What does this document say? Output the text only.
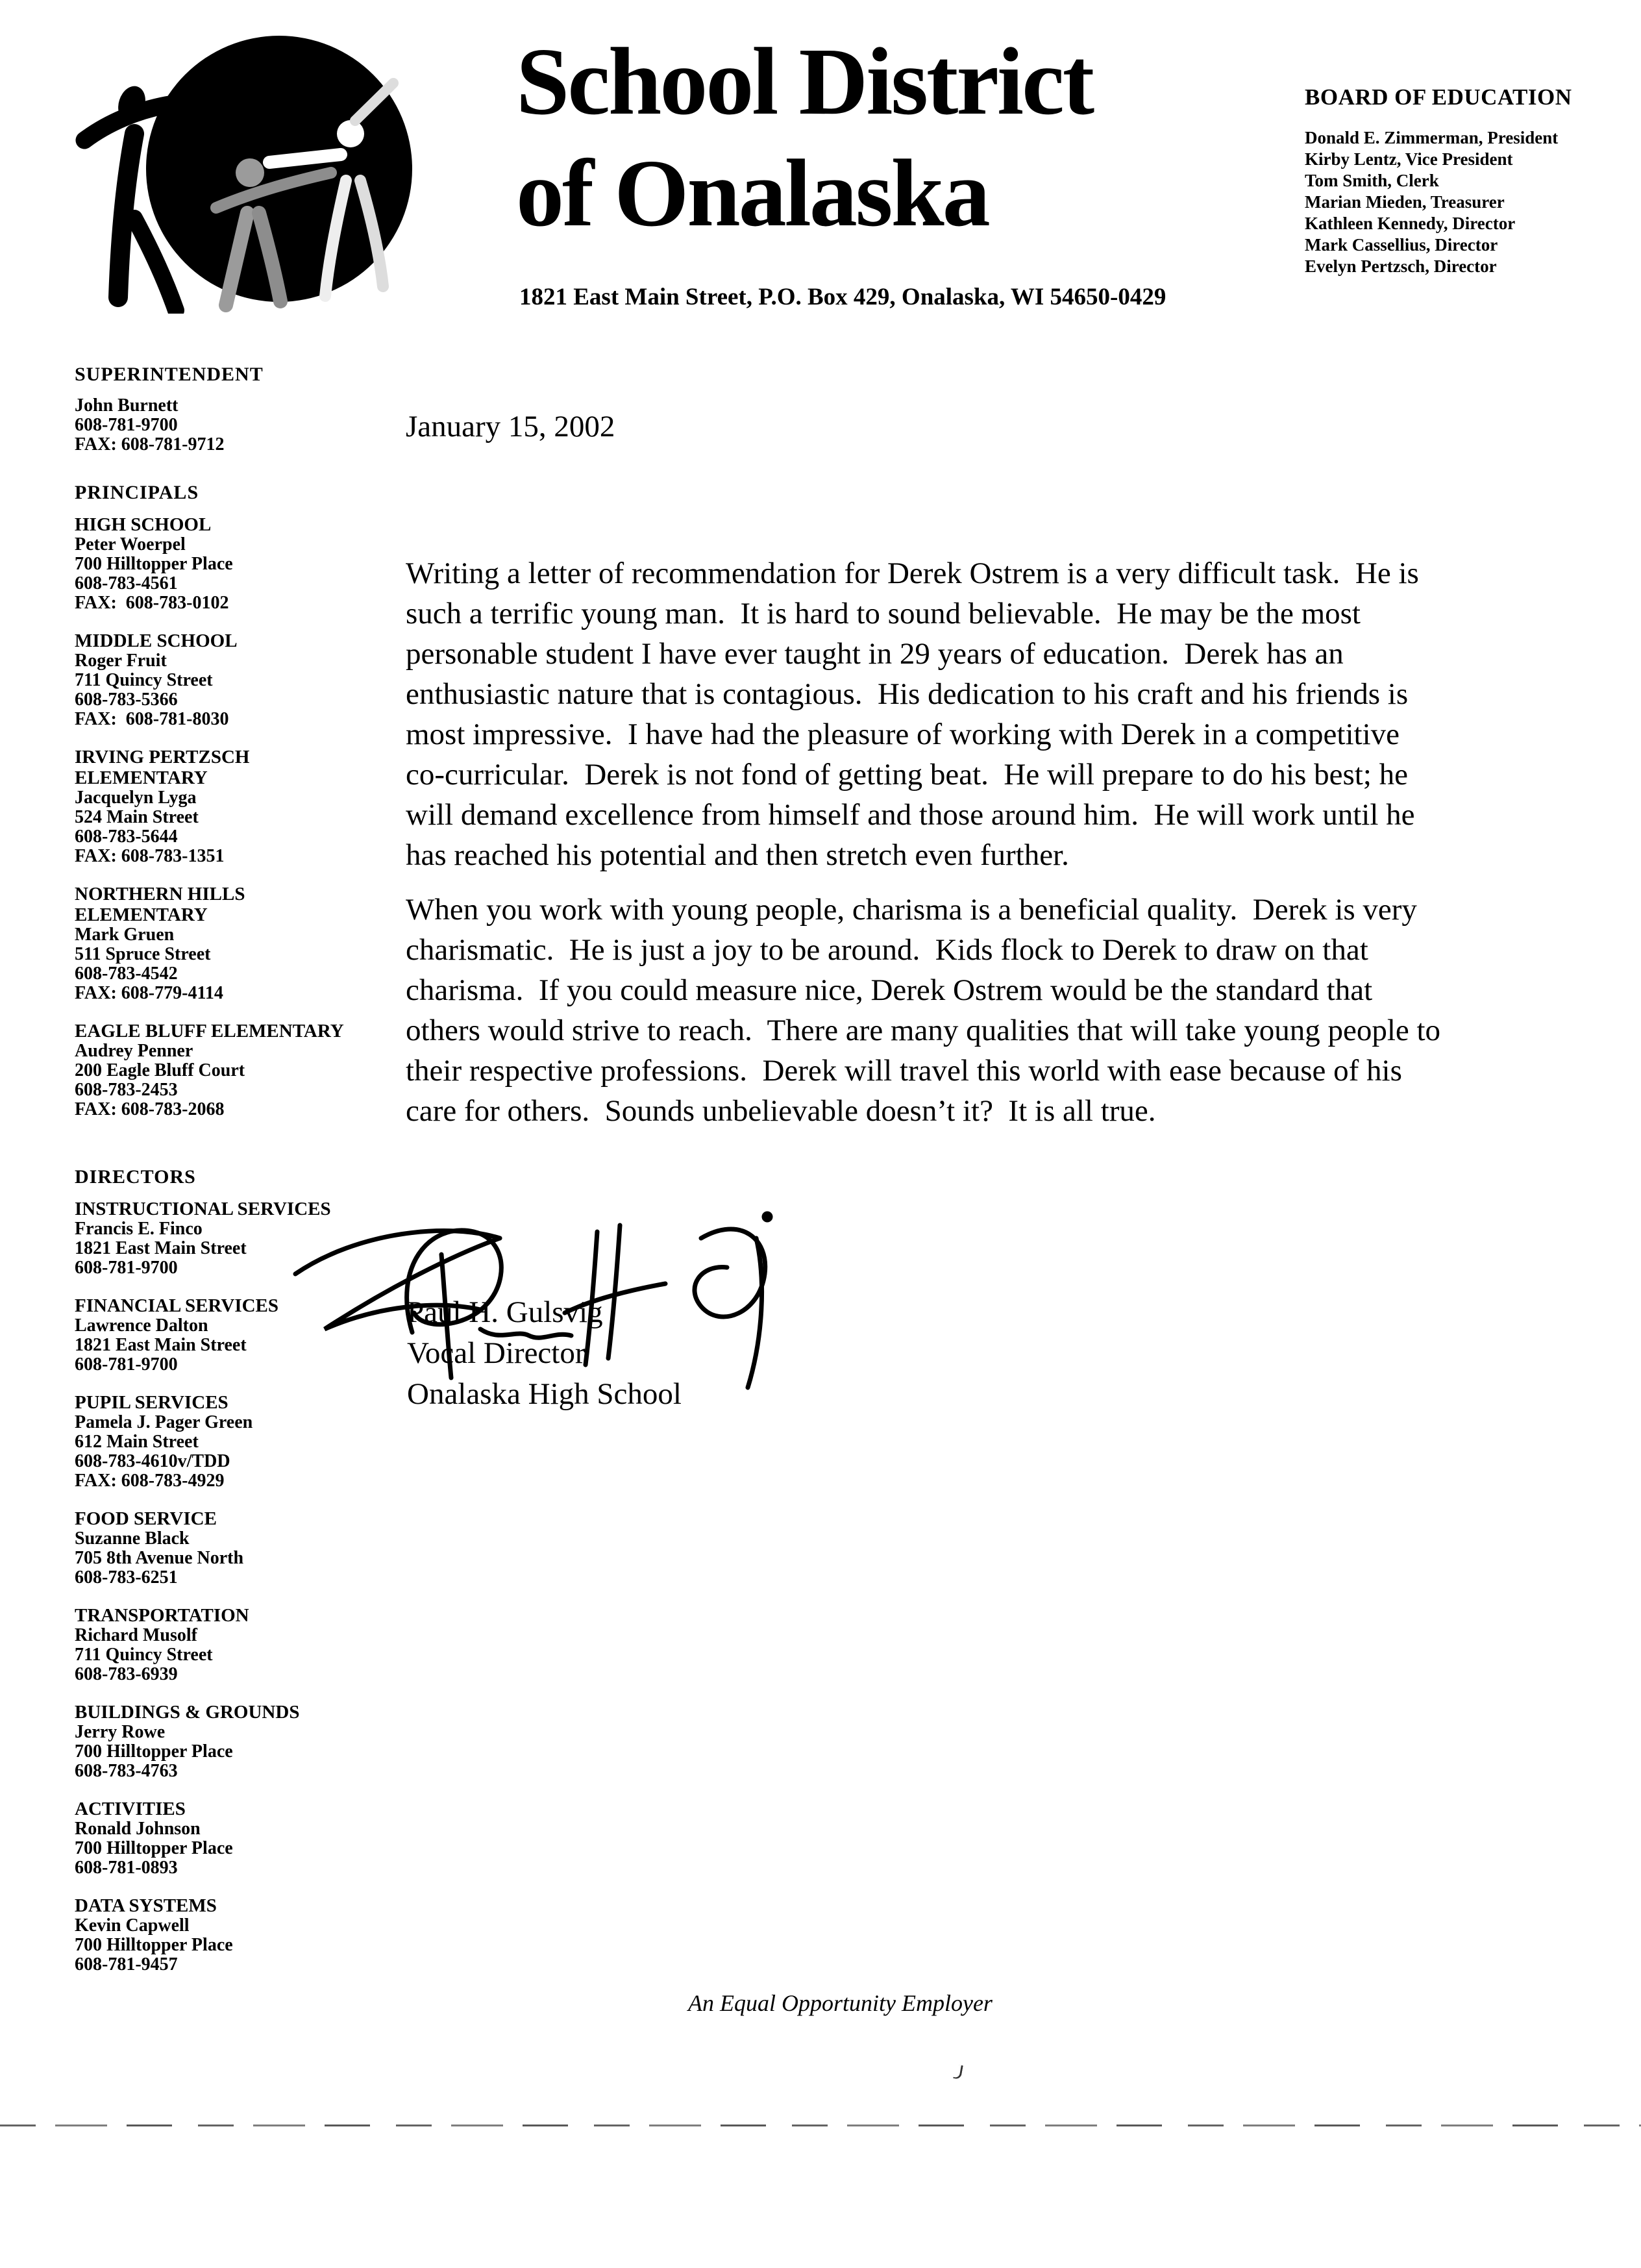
School District
of Onalaska
1821 East Main Street, P.O. Box 429, Onalaska, WI 54650-0429
BOARD OF EDUCATION
Donald E. Zimmerman, President
Kirby Lentz, Vice President
Tom Smith, Clerk
Marian Mieden, Treasurer
Kathleen Kennedy, Director
Mark Cassellius, Director
Evelyn Pertzsch, Director
SUPERINTENDENT
John Burnett
608-781-9700
FAX: 608-781-9712
PRINCIPALS
HIGH SCHOOL
Peter Woerpel
700 Hilltopper Place
608-783-4561
FAX:  608-783-0102
MIDDLE SCHOOL
Roger Fruit
711 Quincy Street
608-783-5366
FAX:  608-781-8030
IRVING PERTZSCH
ELEMENTARY
Jacquelyn Lyga
524 Main Street
608-783-5644
FAX: 608-783-1351
NORTHERN HILLS
ELEMENTARY
Mark Gruen
511 Spruce Street
608-783-4542
FAX: 608-779-4114
EAGLE BLUFF ELEMENTARY
Audrey Penner
200 Eagle Bluff Court
608-783-2453
FAX: 608-783-2068
DIRECTORS
INSTRUCTIONAL SERVICES
Francis E. Finco
1821 East Main Street
608-781-9700
FINANCIAL SERVICES
Lawrence Dalton
1821 East Main Street
608-781-9700
PUPIL SERVICES
Pamela J. Pager Green
612 Main Street
608-783-4610v/TDD
FAX: 608-783-4929
FOOD SERVICE
Suzanne Black
705 8th Avenue North
608-783-6251
TRANSPORTATION
Richard Musolf
711 Quincy Street
608-783-6939
BUILDINGS & GROUNDS
Jerry Rowe
700 Hilltopper Place
608-783-4763
ACTIVITIES
Ronald Johnson
700 Hilltopper Place
608-781-0893
DATA SYSTEMS
Kevin Capwell
700 Hilltopper Place
608-781-9457
January 15, 2002

Writing a letter of recommendation for Derek Ostrem is a very difficult task.  He is such a terrific young man.  It is hard to sound believable.  He may be the most personable student I have ever taught in 29 years of education.  Derek has an enthusiastic nature that is contagious.  His dedication to his craft and his friends is most impressive.  I have had the pleasure of working with Derek in a competitive co-curricular.  Derek is not fond of getting beat.  He will prepare to do his best; he will demand excellence from himself and those around him.  He will work until he has reached his potential and then stretch even further.

When you work with young people, charisma is a beneficial quality.  Derek is very charismatic.  He is just a joy to be around.  Kids flock to Derek to draw on that charisma.  If you could measure nice, Derek Ostrem would be the standard that others would strive to reach.  There are many qualities that will take young people to their respective professions.  Derek will travel this world with ease because of his care for others.  Sounds unbelievable doesn’t it?  It is all true.

Paul H. Gulsvig
Vocal Director
Onalaska High School
An Equal Opportunity Employer
